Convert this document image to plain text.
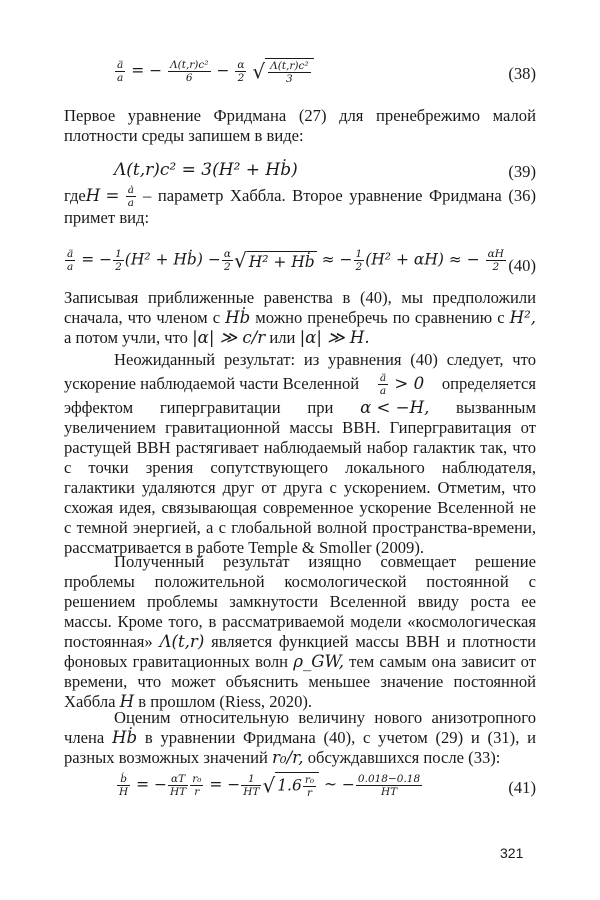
$\frac{ä}{a}$ = − $\frac{\text{Λ(t,r)c²}}{6} - \frac{\alpha}{2}$ √ $\frac{\text{Λ(t,r)c²}}{3}$	(38)

Первое уравнение Фридмана (27) для пренебрежимо малой плотности среды запишем в виде:

Λ(t,r)c² = 3(H² + Hḃ)	(39)
где $H = \frac{ȧ}{a}$ – параметр Хаббла. Второе уравнение Фридмана (36)
примет вид:
$\frac{ä}{a}$ = − $\frac{1}{2} (H^2$ + Hḃ) − $\frac{\alpha}{2}$ √ H² + Hḃ ≈ − $\frac{1}{2} (H^2 + \alpha H)$ ≈ − $\frac{\alpha H}{2} (40)$
Записывая приближенные равенства в (40), мы предположили
сначала, что членом с Hḃ можно пренебречь по сравнению с H²,
а потом учли, что |α| ≫ c/r или |α| ≫ H.
Неожиданный результат: из уравнения (40) следует, что
ускорение наблюдаемой части Вселенной $\frac{ä}{a} > 0$ определяется
эффектом гипергравитации при α < −H, вызванным
увеличением гравитационной массы ВВН. Гипергравитация от растущей ВВН растягивает наблюдаемый набор галактик так, что с точки зрения сопутствующего локального наблюдателя, галактики удаляются друг от друга с ускорением. Отметим, что схожая идея, связывающая современное ускорение Вселенной не с темной энергией, а с глобальной волной пространства-времени, рассматривается в работе Temple & Smoller (2009).
Полученный результат изящно совмещает решение проблемы положительной космологической постоянной с решением проблемы замкнутости Вселенной ввиду роста ее массы. Кроме того, в рассматриваемой модели «космологическая постоянная» Λ(t,r) является функцией массы ВВН и плотности фоновых гравитационных волн ρ_GW, тем самым она зависит от времени, что может объяснить меньшее значение постоянной Хаббла H в прошлом (Riess, 2020).
Оценим относительную величину нового анизотропного члена Hḃ в уравнении Фридмана (40), с учетом (29) и (31), и разных возможных значений r₀/r, обсуждавшихся после (33):
$\frac{\text{ḃ}}{H}$ = − $\frac{\alpha T}{HT} \frac{\text{r₀}}{r}$ = − $\frac{1}{HT}$ √ $1.6 \frac{\text{r₀}}{r}$ ~ − $\frac{0.018-0.18}{HT}$	(41)
321
